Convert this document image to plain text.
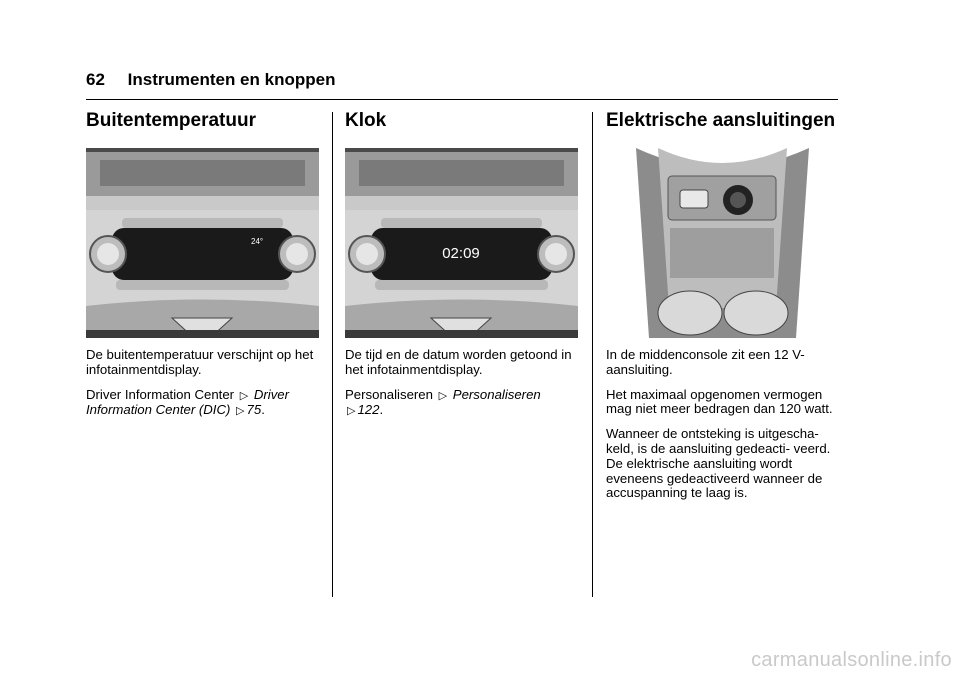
62 Instrumenten en knoppen
Buitentemperatuur
24°

De buitentemperatuur verschijnt op het infotainmentdisplay.

Driver Information Center ▷ Driver Information Center (DIC) ▷ 75.

Klok
02:09

De tijd en de datum worden getoond in het infotainmentdisplay.

Personaliseren ▷ Personaliseren
▷ 122.

Elektrische aansluitingen

In de middenconsole zit een 12 V-aansluiting.

Het maximaal opgenomen vermogen mag niet meer bedragen dan 120 watt.

Wanneer de ontsteking is uitgescha- keld, is de aansluiting gedeacti- veerd. De elektrische aansluiting wordt eveneens gedeactiveerd wanneer de accuspanning te laag is.

carmanualsonline.info
